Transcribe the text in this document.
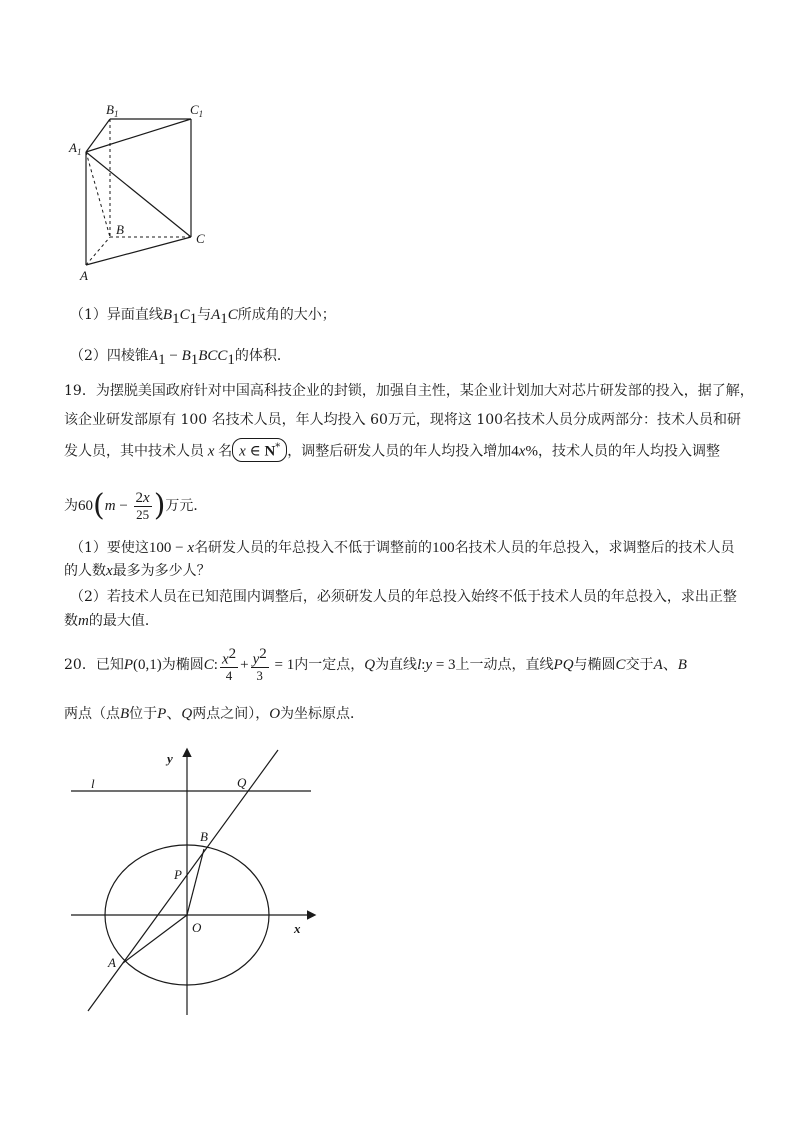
$B_1$	$C_1$
$A_1$
B
C
A
（1）异面直线$B_1C_1$与$A_1C$所成角的大小；
（2）四棱锥$A_1 - B_1BCC_1$的体积．
19．为摆脱美国政府针对中国高科技企业的封锁，加强自主性，某企业计划加大对芯片研发部的投入，据了解，
该企业研发部原有 100 名技术人员，年人均投入 60万元，现将这 100名技术人员分成两部分：技术人员和研
发人员，其中技术人员 x 名 x ∈ N* ，调整后研发人员的年人均投入增加4x%，技术人员的年人均投入调整
为$60(m - \frac{2x}{25}$ )万元．
（1）要使这100 − x名研发人员的年总投入不低于调整前的100名技术人员的年总投入，求调整后的技术人员
的人数x最多为多少人？
（2）若技术人员在已知范围内调整后，必须研发人员的年总投入始终不低于技术人员的年总投入，求出正整
数m的最大值．
20．已知P(0,1)为椭圆C: $\frac{x^2}{4} + \frac{y^2}{3} = 1$内一定点，Q为直线l:y = 3上一动点，直线PQ与椭圆C交于A、B
两点（点B位于P、Q两点之间），O为坐标原点．
y
x
l	Q
B
P
O
A
